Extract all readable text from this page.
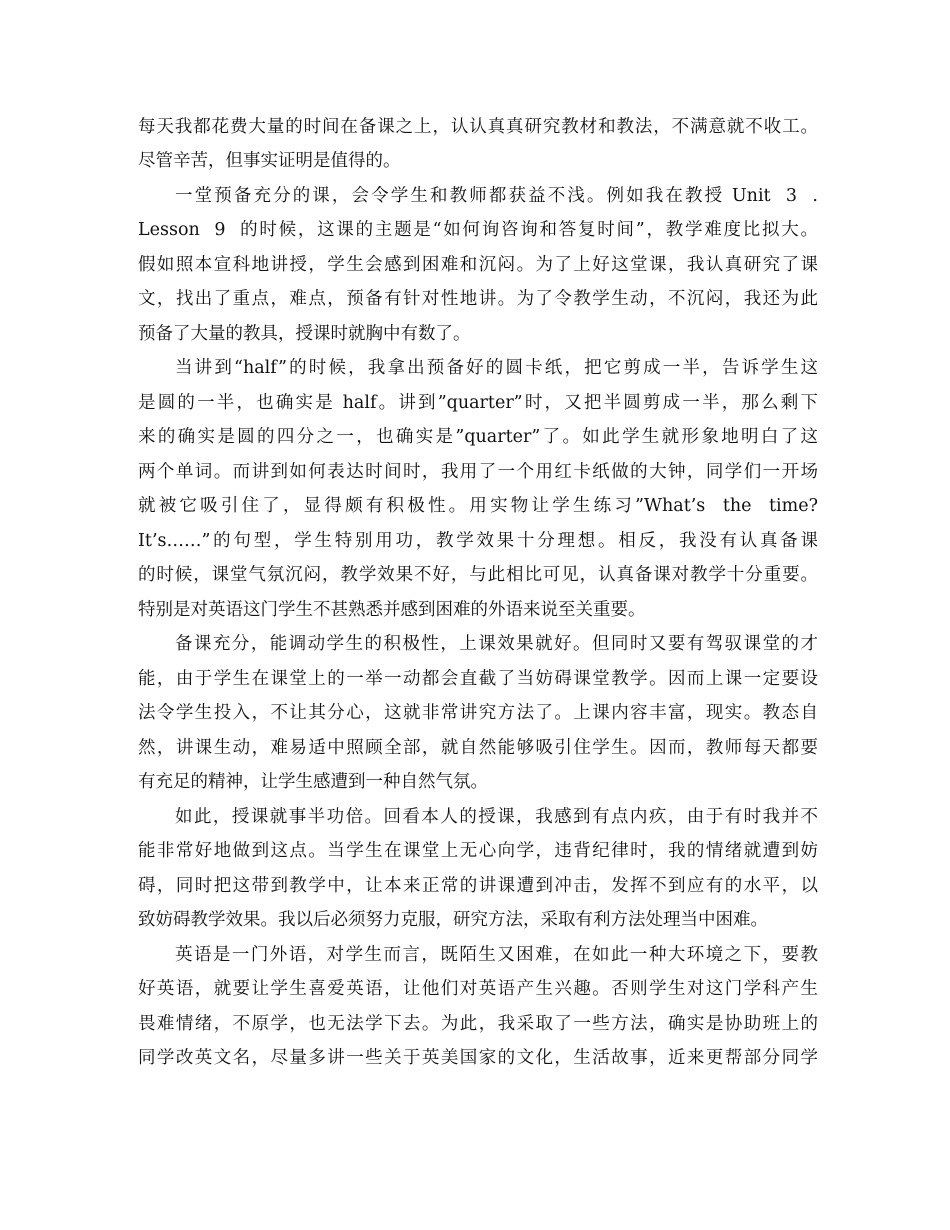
每天我都花费大量的时间在备课之上，认认真真研究教材和教法，不满意就不收工。
尽管辛苦，但事实证明是值得的。
一堂预备充分的课，会令学生和教师都获益不浅。例如我在教授 Unit  3  .
Lesson  9  的时候，这课的主题是“如何询咨询和答复时间”，教学难度比拟大。
假如照本宣科地讲授，学生会感到困难和沉闷。为了上好这堂课，我认真研究了课
文，找出了重点，难点，预备有针对性地讲。为了令教学生动，不沉闷，我还为此
预备了大量的教具，授课时就胸中有数了。
当讲到“half”的时候，我拿出预备好的圆卡纸，把它剪成一半，告诉学生这
是圆的一半，也确实是 half。讲到”quarter”时，又把半圆剪成一半，那么剩下
来的确实是圆的四分之一，也确实是”quarter”了。如此学生就形象地明白了这
两个单词。而讲到如何表达时间时，我用了一个用红卡纸做的大钟，同学们一开场
就被它吸引住了，显得颇有积极性。用实物让学生练习”What’s  the  time?
It’s……”的句型，学生特别用功，教学效果十分理想。相反，我没有认真备课
的时候，课堂气氛沉闷，教学效果不好，与此相比可见，认真备课对教学十分重要。
特别是对英语这门学生不甚熟悉并感到困难的外语来说至关重要。
备课充分，能调动学生的积极性，上课效果就好。但同时又要有驾驭课堂的才
能，由于学生在课堂上的一举一动都会直截了当妨碍课堂教学。因而上课一定要设
法令学生投入，不让其分心，这就非常讲究方法了。上课内容丰富，现实。教态自
然，讲课生动，难易适中照顾全部，就自然能够吸引住学生。因而，教师每天都要
有充足的精神，让学生感遭到一种自然气氛。
如此，授课就事半功倍。回看本人的授课，我感到有点内疚，由于有时我并不
能非常好地做到这点。当学生在课堂上无心向学，违背纪律时，我的情绪就遭到妨
碍，同时把这带到教学中，让本来正常的讲课遭到冲击，发挥不到应有的水平，以
致妨碍教学效果。我以后必须努力克服，研究方法，采取有利方法处理当中困难。
英语是一门外语，对学生而言，既陌生又困难，在如此一种大环境之下，要教
好英语，就要让学生喜爱英语，让他们对英语产生兴趣。否则学生对这门学科产生
畏难情绪，不原学，也无法学下去。为此，我采取了一些方法，确实是协助班上的
同学改英文名，尽量多讲一些关于英美国家的文化，生活故事，近来更帮部分同学
